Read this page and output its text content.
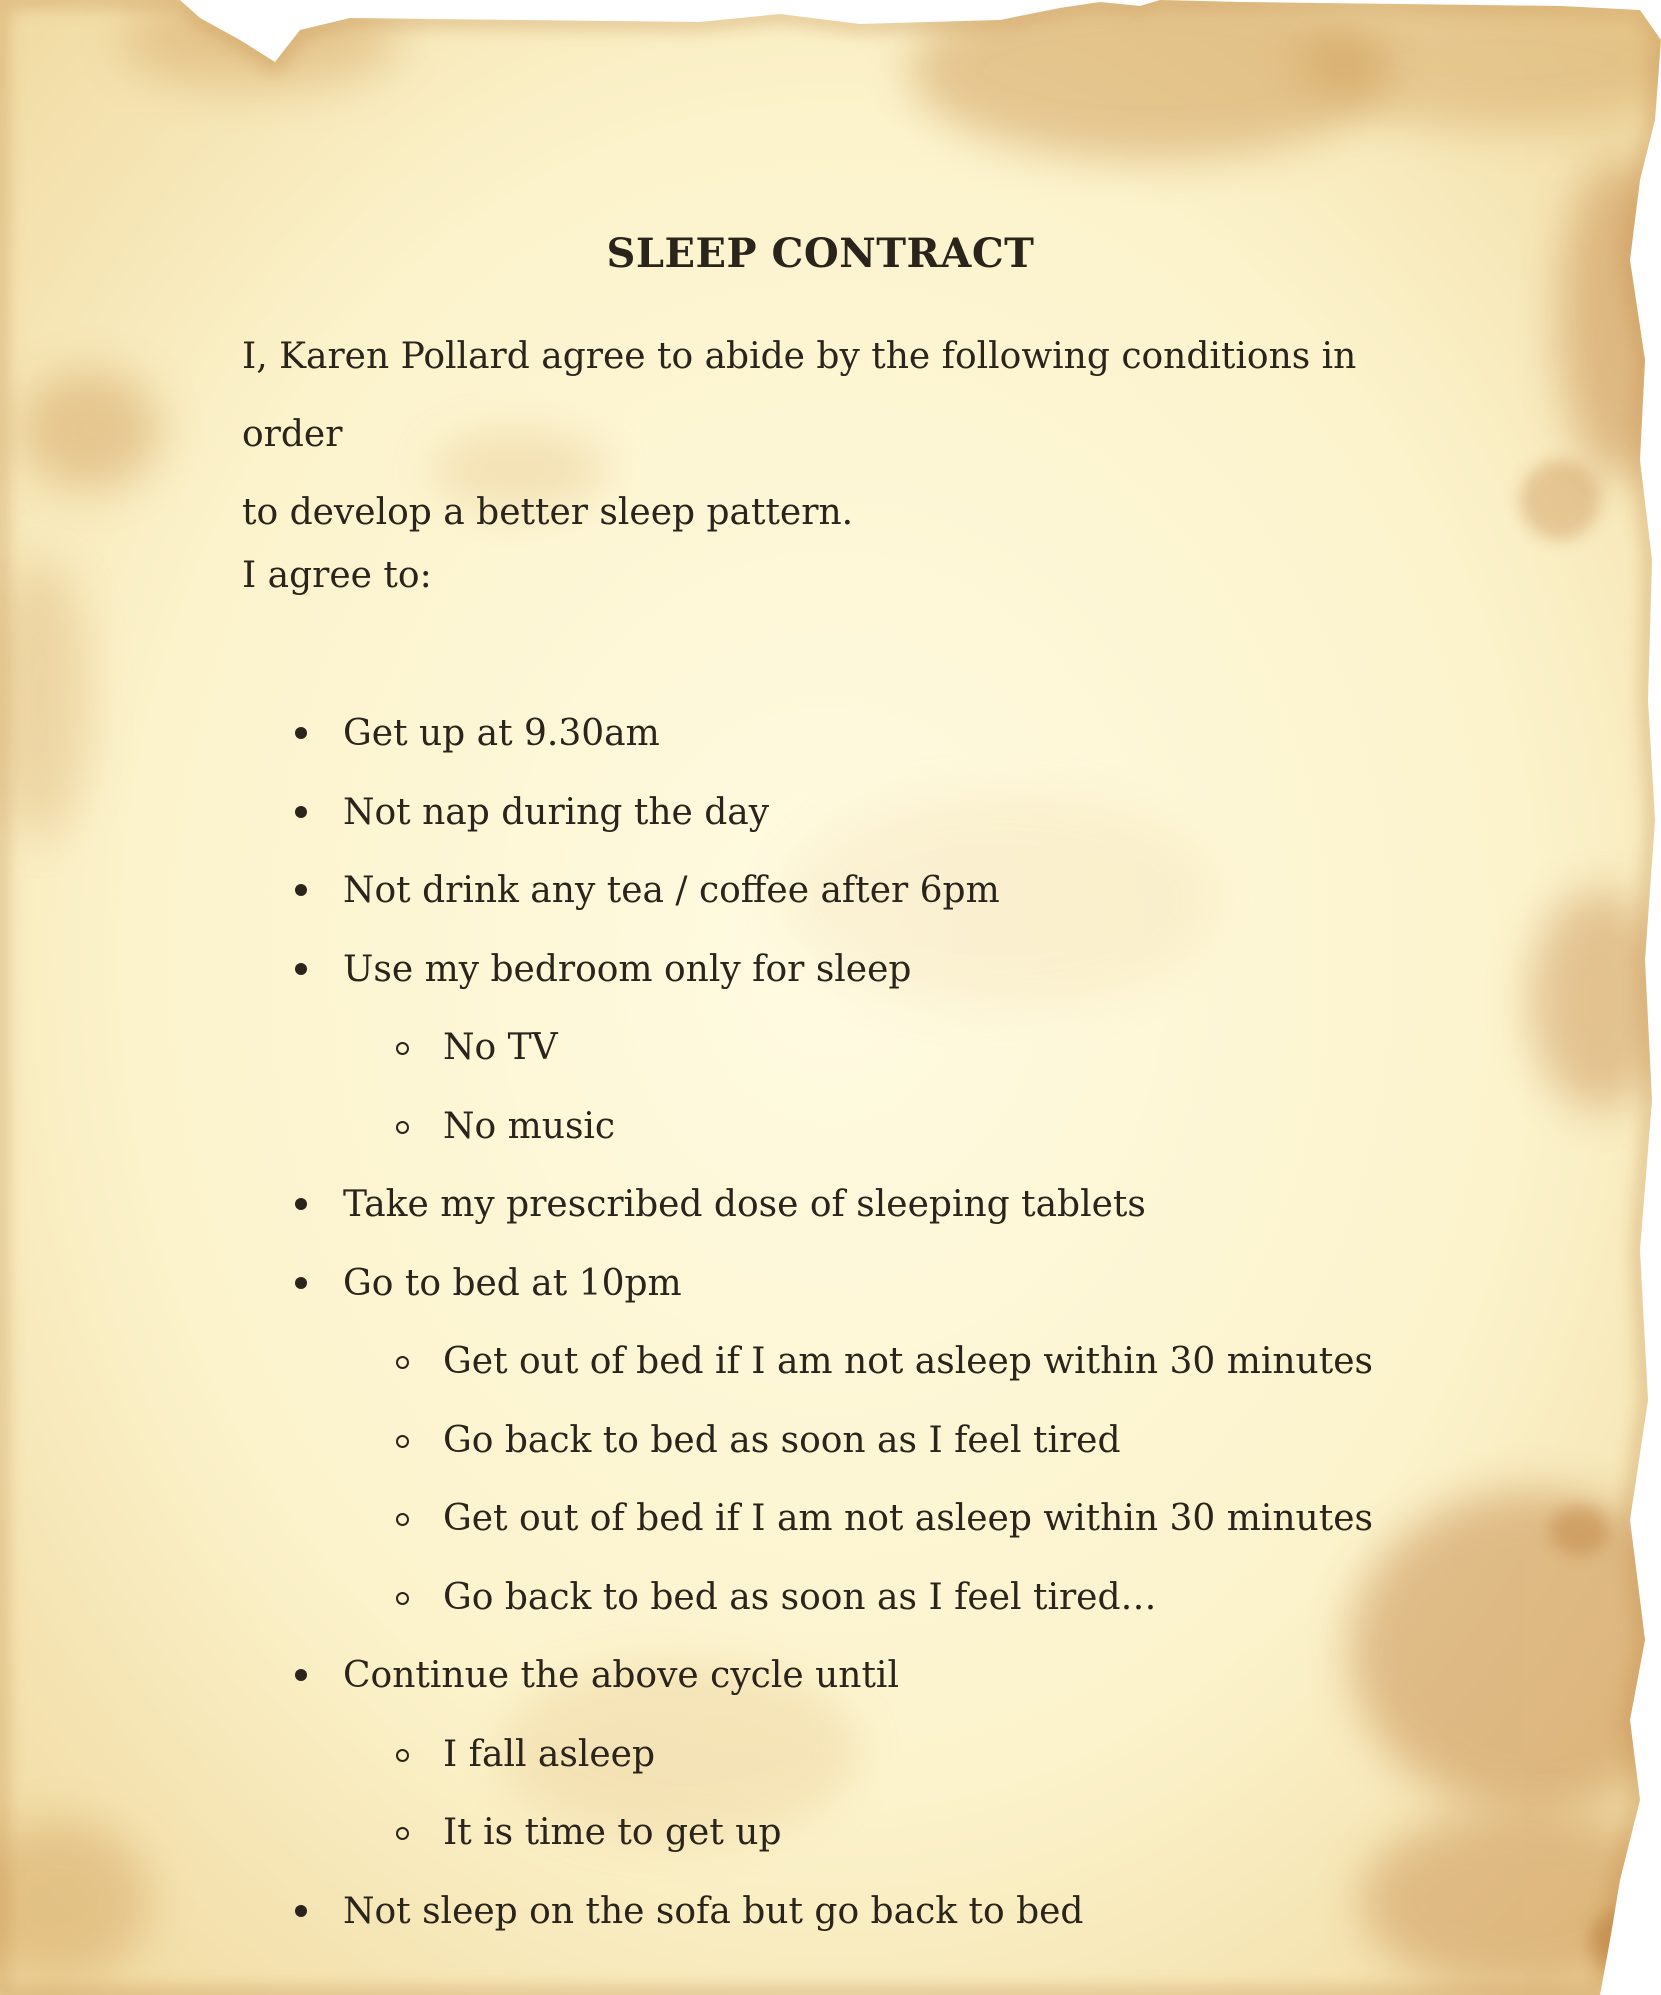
SLEEP CONTRACT
I, Karen Pollard agree to abide by the following conditions in order
to develop a better sleep pattern.

I agree to:

Get up at 9.30am
Not nap during the day
Not drink any tea / coffee after 6pm
Use my bedroom only for sleep
No TV
No music
Take my prescribed dose of sleeping tablets
Go to bed at 10pm
Get out of bed if I am not asleep within 30 minutes
Go back to bed as soon as I feel tired
Get out of bed if I am not asleep within 30 minutes
Go back to bed as soon as I feel tired…
Continue the above cycle until
I fall asleep
It is time to get up
Not sleep on the sofa but go back to bed
